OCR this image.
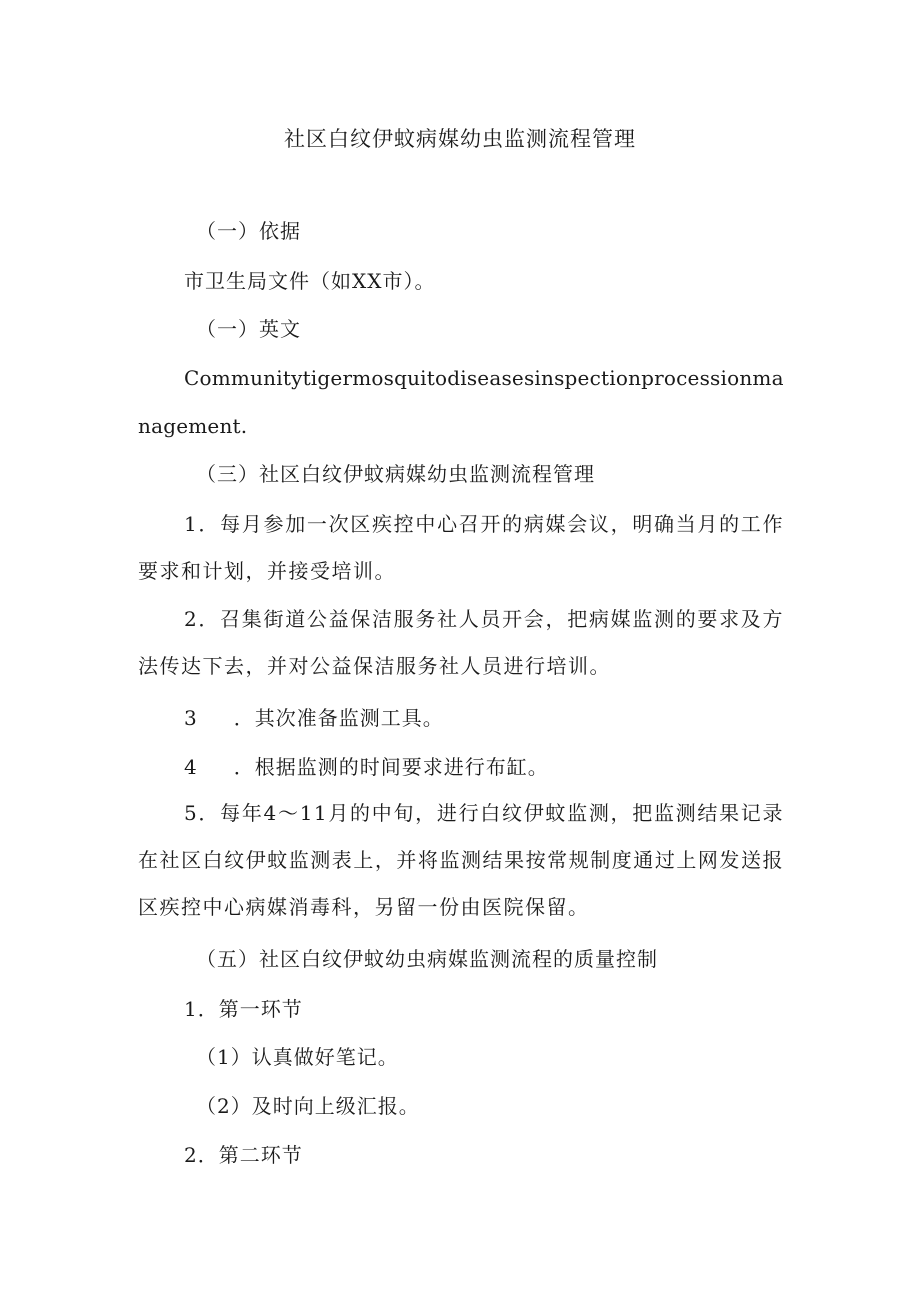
社区白纹伊蚊病媒幼虫监测流程管理
（一）依据
市卫生局文件（如XX市）。
（一）英文
Communitytigermosquitodiseasesinspectionprocessionmanagement.
（三）社区白纹伊蚊病媒幼虫监测流程管理
1．每月参加一次区疾控中心召开的病媒会议，明确当月的工作要求和计划，并接受培训。
2．召集街道公益保洁服务社人员开会，把病媒监测的要求及方法传达下去，并对公益保洁服务社人员进行培训。
3 ．其次准备监测工具。
4 ．根据监测的时间要求进行布缸。
5．每年4～11月的中旬，进行白纹伊蚊监测，把监测结果记录在社区白纹伊蚊监测表上，并将监测结果按常规制度通过上网发送报区疾控中心病媒消毒科，另留一份由医院保留。
（五）社区白纹伊蚊幼虫病媒监测流程的质量控制
1．第一环节
（1）认真做好笔记。
（2）及时向上级汇报。
2．第二环节
